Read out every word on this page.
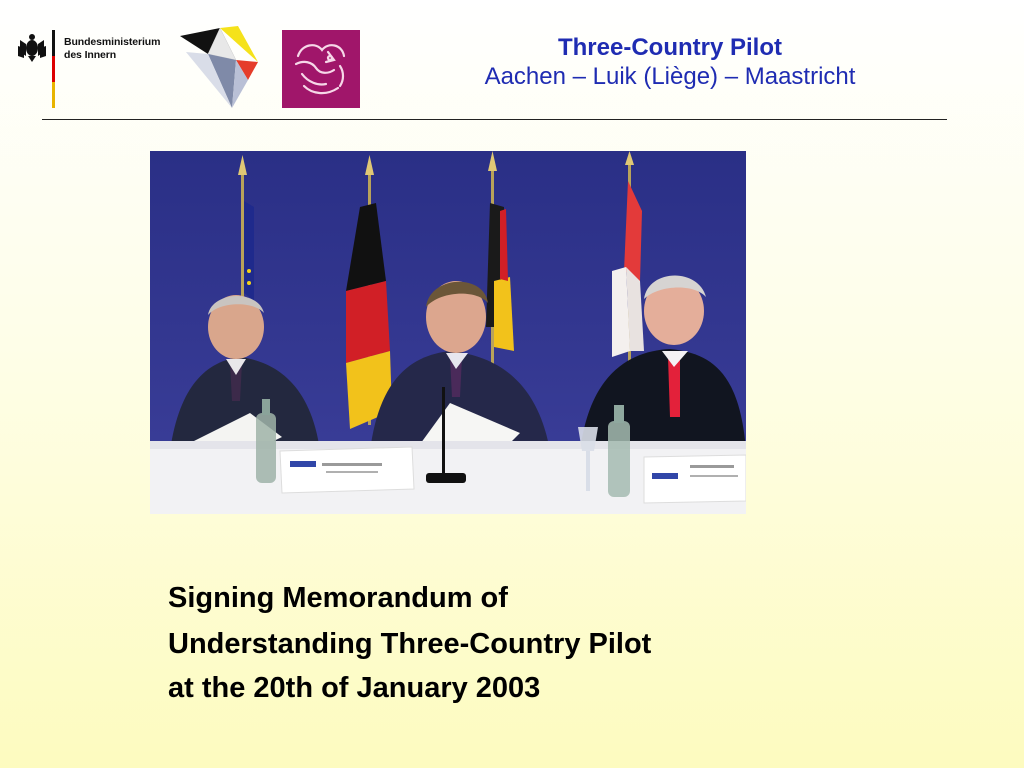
Bundesministerium
des Innern	Three-Country Pilot
Aachen – Luik (Liège) – Maastricht
Signing Memorandum of
Understanding Three-Country Pilot
at the 20th of January 2003
